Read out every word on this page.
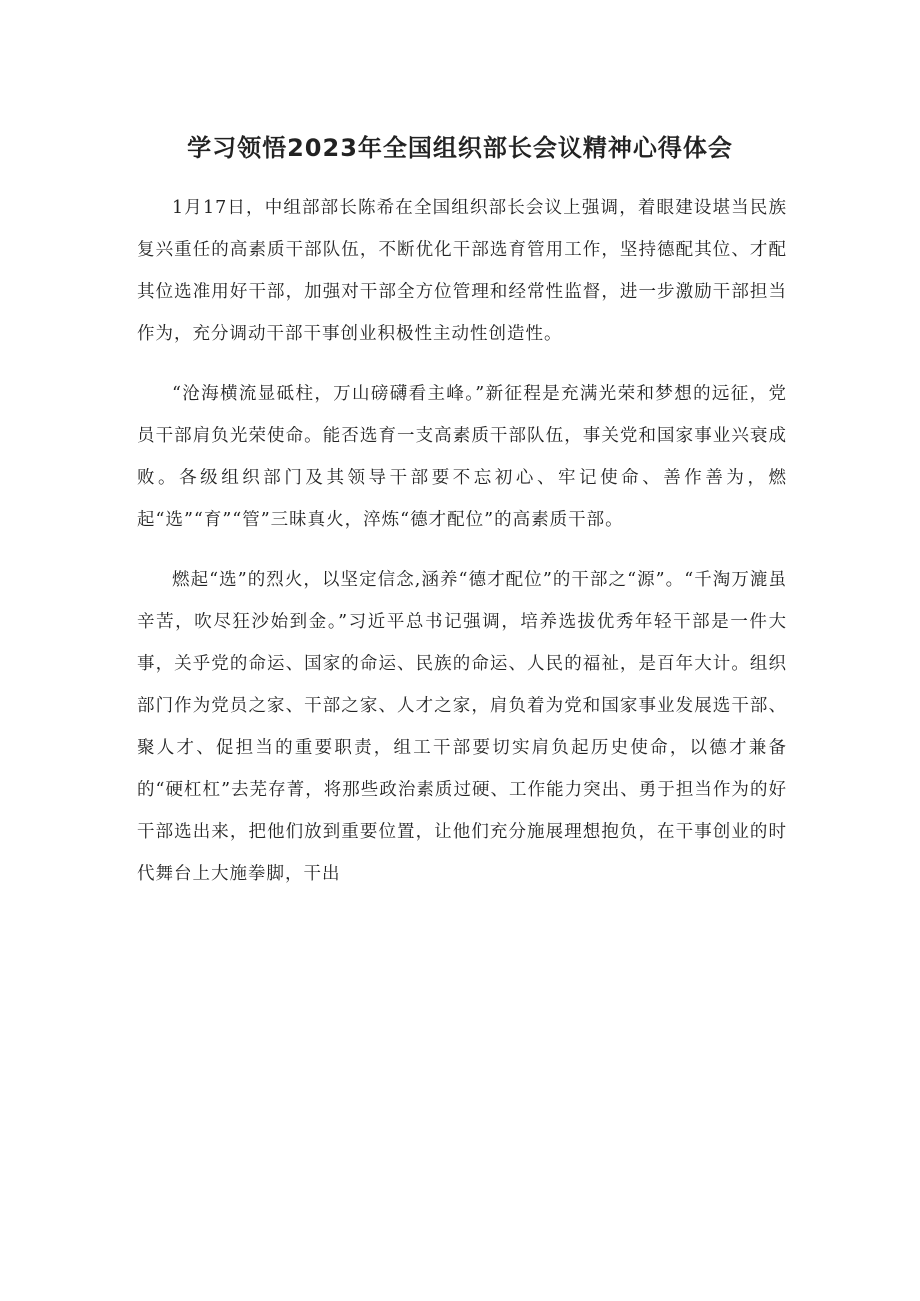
学习领悟2023年全国组织部长会议精神心得体会

1月17日，中组部部长陈希在全国组织部长会议上强调，着眼建设堪当民族复兴重任的高素质干部队伍，不断优化干部选育管用工作，坚持德配其位、才配其位选准用好干部，加强对干部全方位管理和经常性监督，进一步激励干部担当作为，充分调动干部干事创业积极性主动性创造性。

“沧海横流显砥柱，万山磅礴看主峰。”新征程是充满光荣和梦想的远征，党员干部肩负光荣使命。能否选育一支高素质干部队伍，事关党和国家事业兴衰成败。各级组织部门及其领导干部要不忘初心、牢记使命、善作善为，燃起“选”“育”“管”三昧真火，淬炼“德才配位”的高素质干部。

燃起“选”的烈火，以坚定信念,涵养“德才配位”的干部之“源”。“千淘万漉虽辛苦，吹尽狂沙始到金。”习近平总书记强调，培养选拔优秀年轻干部是一件大事，关乎党的命运、国家的命运、民族的命运、人民的福祉，是百年大计。组织部门作为党员之家、干部之家、人才之家，肩负着为党和国家事业发展选干部、聚人才、促担当的重要职责，组工干部要切实肩负起历史使命，以德才兼备的“硬杠杠”去芜存菁，将那些政治素质过硬、工作能力突出、勇于担当作为的好干部选出来，把他们放到重要位置，让他们充分施展理想抱负，在干事创业的时代舞台上大施拳脚，干出
